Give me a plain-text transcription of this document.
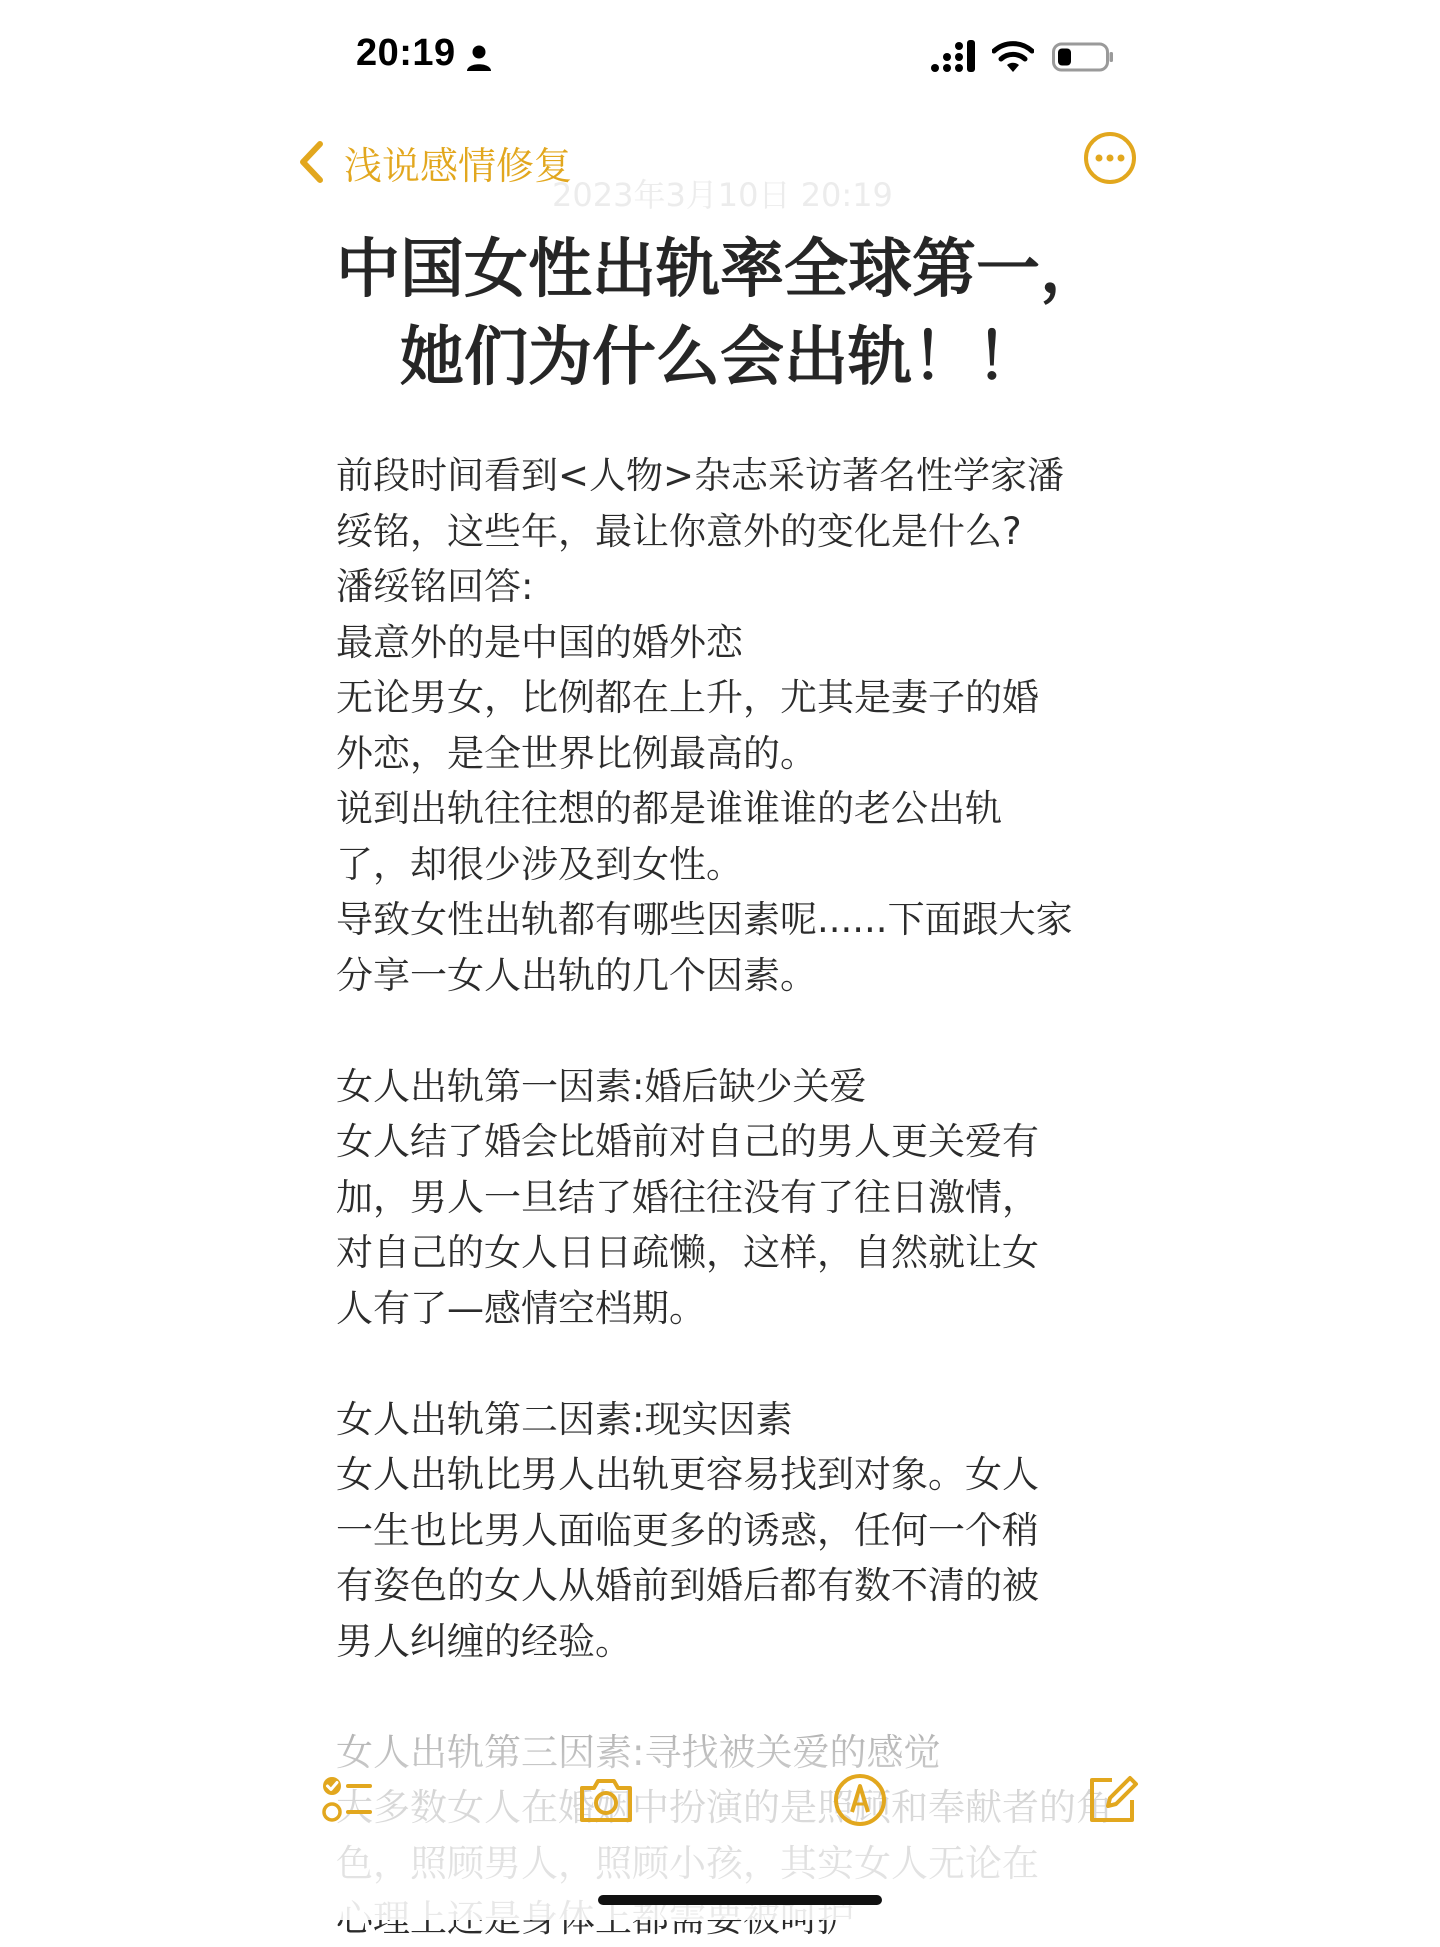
20:19
浅说感情修复
2023年3月10日 20:19
中国女性出轨率全球第一，她们为什么会出轨！！

前段时间看到<人物>杂志采访著名性学家潘
绥铭，这些年，最让你意外的变化是什么?
潘绥铭回答:
最意外的是中国的婚外恋
无论男女，比例都在上升，尤其是妻子的婚
外恋，是全世界比例最高的。
说到出轨往往想的都是谁谁谁的老公出轨
了，却很少涉及到女性。
导致女性出轨都有哪些因素呢......下面跟大家
分享一女人出轨的几个因素。

女人出轨第一因素:婚后缺少关爱
女人结了婚会比婚前对自己的男人更关爱有
加，男人一旦结了婚往往没有了往日激情，
对自己的女人日日疏懒，这样，自然就让女
人有了—感情空档期。

女人出轨第二因素:现实因素
女人出轨比男人出轨更容易找到对象。女人
一生也比男人面临更多的诱惑，任何一个稍
有姿色的女人从婚前到婚后都有数不清的被
男人纠缠的经验。
